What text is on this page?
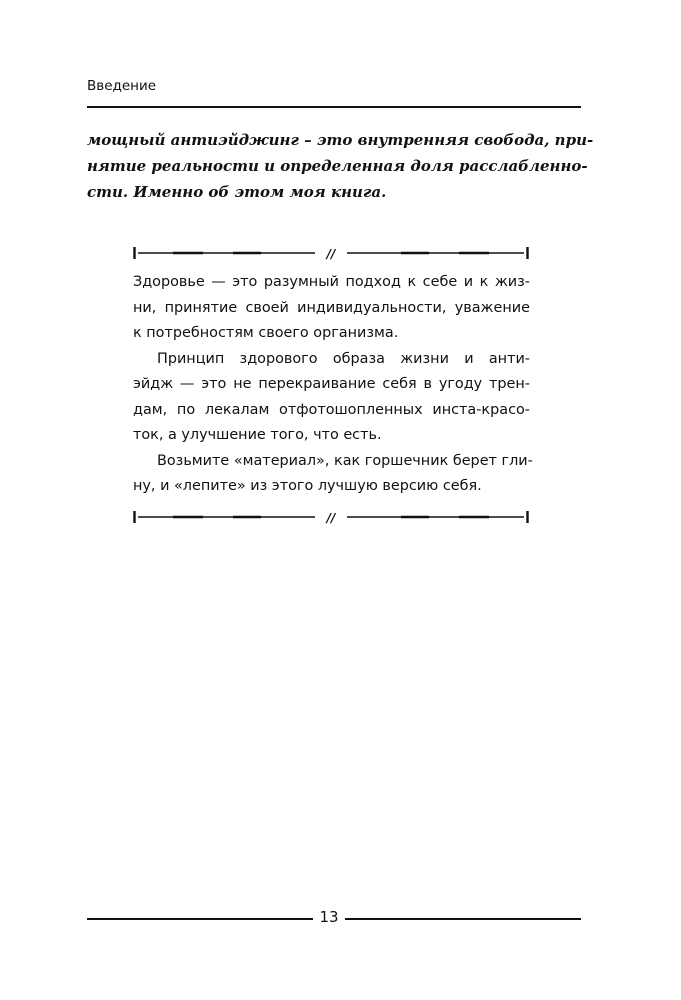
Введение
мощный антиэйджинг – это внутренняя свобода, при-
нятие реальности и определенная доля расслабленно-
сти. Именно об этом моя книга.
//
Здоровье — это разумный подход к себе и к жиз-
ни, принятие своей индивидуальности, уважение
к потребностям своего организма.
Принцип здорового образа жизни и анти-
эйдж — это не перекраивание себя в угоду трен-
дам, по лекалам отфотошопленных инста-красо-
ток, а улучшение того, что есть.
Возьмите «материал», как горшечник берет гли-
ну, и «лепите» из этого лучшую версию себя.
//
13
